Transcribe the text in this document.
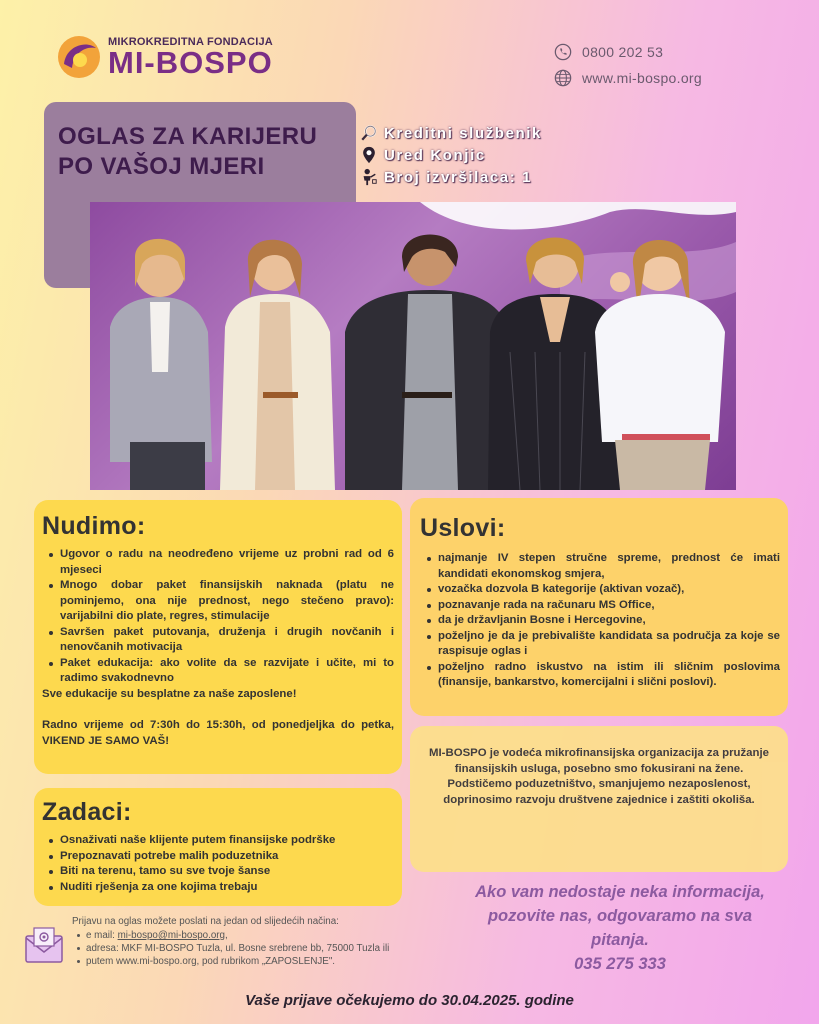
MIKROKREDITNA FONDACIJA
MI-BOSPO	0800 202 53
www.mi-bospo.org
OGLAS ZA KARIJERU
PO VAŠOJ MJERI
Kreditni službenik
Ured Konjic
Broj izvršilaca: 1
Nudimo:
Ugovor o radu na neodređeno vrijeme uz probni rad od 6 mjeseci
Mnogo dobar paket finansijskih naknada (platu ne pominjemo, ona nije prednost, nego stečeno pravo): varijabilni dio plate, regres, stimulacije
Savršen paket putovanja, druženja i drugih novčanih i nenovčanih motivacija
Paket edukacija: ako volite da se razvijate i učite, mi to radimo svakodnevno

Sve edukacije su besplatne za naše zaposlene!

Radno vrijeme od 7:30h do 15:30h, od ponedjeljka do petka, VIKEND JE SAMO VAŠ!

Zadaci:
Osnaživati naše klijente putem finansijske podrške
Prepoznavati potrebe malih poduzetnika
Biti na terenu, tamo su sve tvoje šanse
Nuditi rješenja za one kojima trebaju
Uslovi:
najmanje IV stepen stručne spreme, prednost će imati kandidati ekonomskog smjera,
vozačka dozvola B kategorije (aktivan vozač),
poznavanje rada na računaru MS Office,
da je državljanin Bosne i Hercegovine,
poželjno je da je prebivalište kandidata sa područja za koje se raspisuje oglas i
poželjno radno iskustvo na istim ili sličnim poslovima (finansije, bankarstvo, komercijalni i slični poslovi).

MI-BOSPO je vodeća mikrofinansijska organizacija za pružanje finansijskih usluga, posebno smo fokusirani na žene.

Podstičemo poduzetništvo, smanjujemo nezaposlenost, doprinosimo razvoju društvene zajednice i zaštiti okoliša.

Ako vam nedostaje neka informacija, pozovite nas, odgovaramo na sva pitanja.
035 275 333

Prijavu na oglas možete poslati na jedan od slijedećih načina:

e mail: mi-bospo@mi-bospo.org,
adresa: MKF MI-BOSPO Tuzla, ul. Bosne srebrene bb, 75000 Tuzla ili
putem www.mi-bospo.org, pod rubrikom „ZAPOSLENJE".
Vaše prijave očekujemo do 30.04.2025. godine
